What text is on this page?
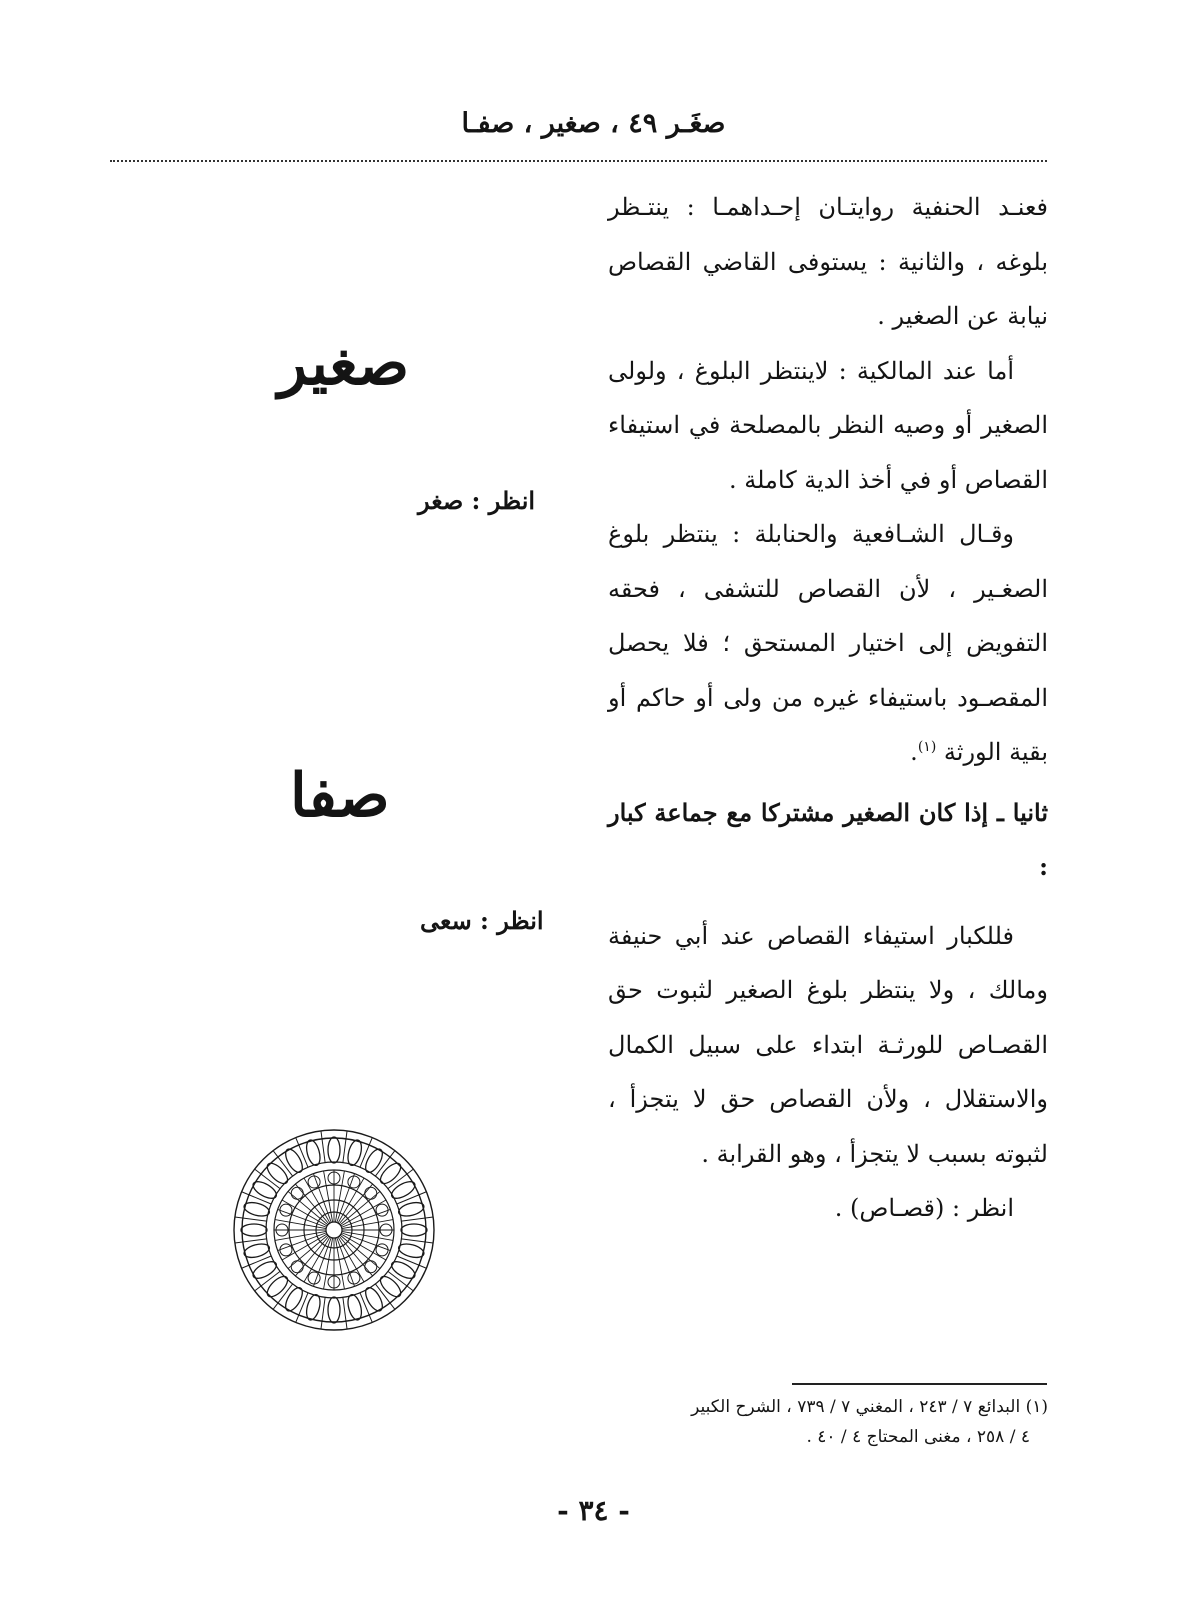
صغَـر ٤٩ ، صغير ، صفـا

فعنـد الحنفية روايتـان إحـداهمـا : ينتـظر بلوغه ، والثانية : يستوفى القاضي القصاص نيابة عن الصغير .

أما عند المالكية : لاينتظر البلوغ ، ولولى الصغير أو وصيه النظر بالمصلحة في استيفاء القصاص أو في أخذ الدية كاملة .

وقـال الشـافعية والحنابلة : ينتظر بلوغ الصغـير ، لأن القصاص للتشفى ، فحقه التفويض إلى اختيار المستحق ؛ فلا يحصل المقصـود باستيفاء غيره من ولى أو حاكم أو بقية الورثة $^{(١)}$.

ثانيا ـ إذا كان الصغير مشتركا مع جماعة كبار :

فللكبار استيفاء القصاص عند أبي حنيفة ومالك ، ولا ينتظر بلوغ الصغير لثبوت حق القصـاص للورثـة ابتداء على سبيل الكمال والاستقلال ، ولأن القصاص حق لا يتجزأ ، لثبوته بسبب لا يتجزأ ، وهو القرابة .

انظر : (قصـاص) .

صغير
انظر : صغر
صفا
انظر : سعى
(١) البدائع ٧ / ٢٤٣ ، المغني ٧ / ٧٣٩ ، الشرح الكبير
٤ / ٢٥٨ ، مغنى المحتاج ٤ / ٤٠ .
- ٣٤ -
